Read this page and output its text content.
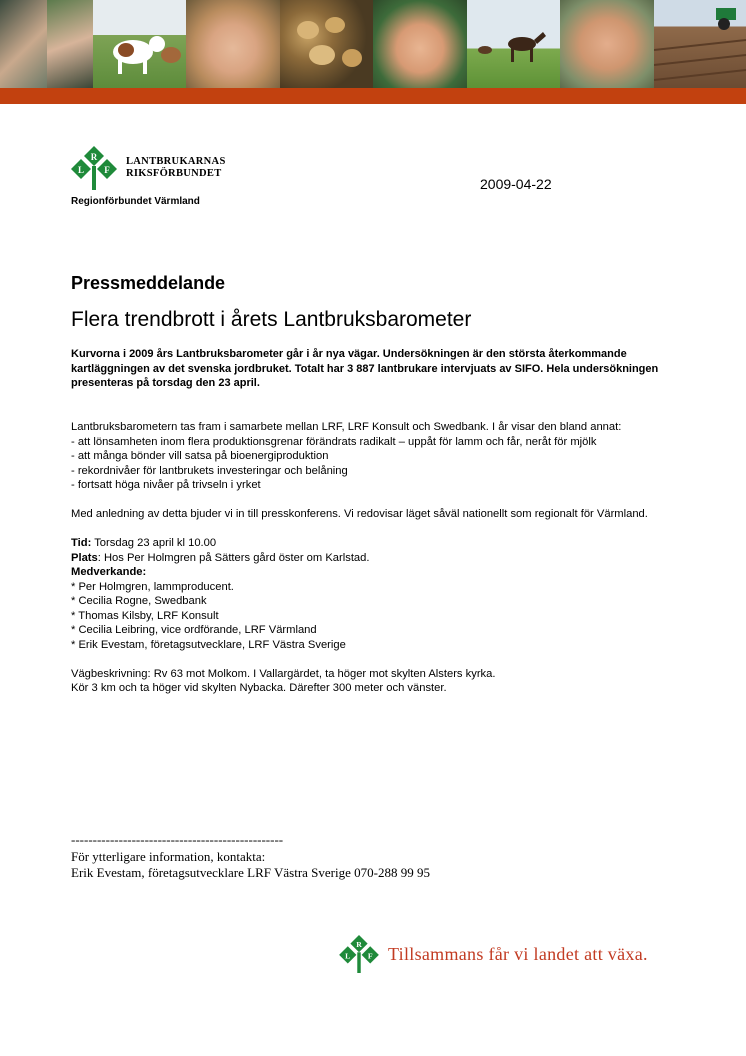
R
L F
LANTBRUKARNAS
RIKSFÖRBUNDET
Regionförbundet Värmland
2009-04-22
Pressmeddelande
Flera trendbrott i årets Lantbruksbarometer
Kurvorna i 2009 års Lantbruksbarometer går i år nya vägar. Undersökningen är den största återkommande kartläggningen av det svenska jordbruket. Totalt har 3 887 lantbrukare intervjuats av SIFO. Hela undersökningen presenteras på torsdag den 23 april.

Lantbruksbarometern tas fram i samarbete mellan LRF, LRF Konsult och Swedbank. I år visar den bland annat:

- att lönsamheten inom flera produktionsgrenar förändrats radikalt – uppåt för lamm och får, neråt för mjölk

- att många bönder vill satsa på bioenergiproduktion

- rekordnivåer för lantbrukets investeringar och belåning

- fortsatt höga nivåer på trivseln i yrket

Med anledning av detta bjuder vi in till presskonferens. Vi redovisar läget såväl nationellt som regionalt för Värmland.

Tid: Torsdag 23 april kl 10.00

Plats: Hos Per Holmgren på Sätters gård öster om Karlstad.

Medverkande:

* Per Holmgren, lammproducent.

* Cecilia Rogne, Swedbank

* Thomas Kilsby, LRF Konsult

* Cecilia Leibring, vice ordförande, LRF Värmland

* Erik Evestam, företagsutvecklare, LRF Västra Sverige

Vägbeskrivning: Rv 63 mot Molkom. I Vallargärdet, ta höger mot skylten Alsters kyrka.

Kör 3 km och ta höger vid skylten Nybacka. Därefter 300 meter och vänster.

-------------------------------------------------
För ytterligare information, kontakta:
Erik Evestam, företagsutvecklare LRF Västra Sverige 070-288 99 95
R
L F Tillsammans får vi landet att växa.
